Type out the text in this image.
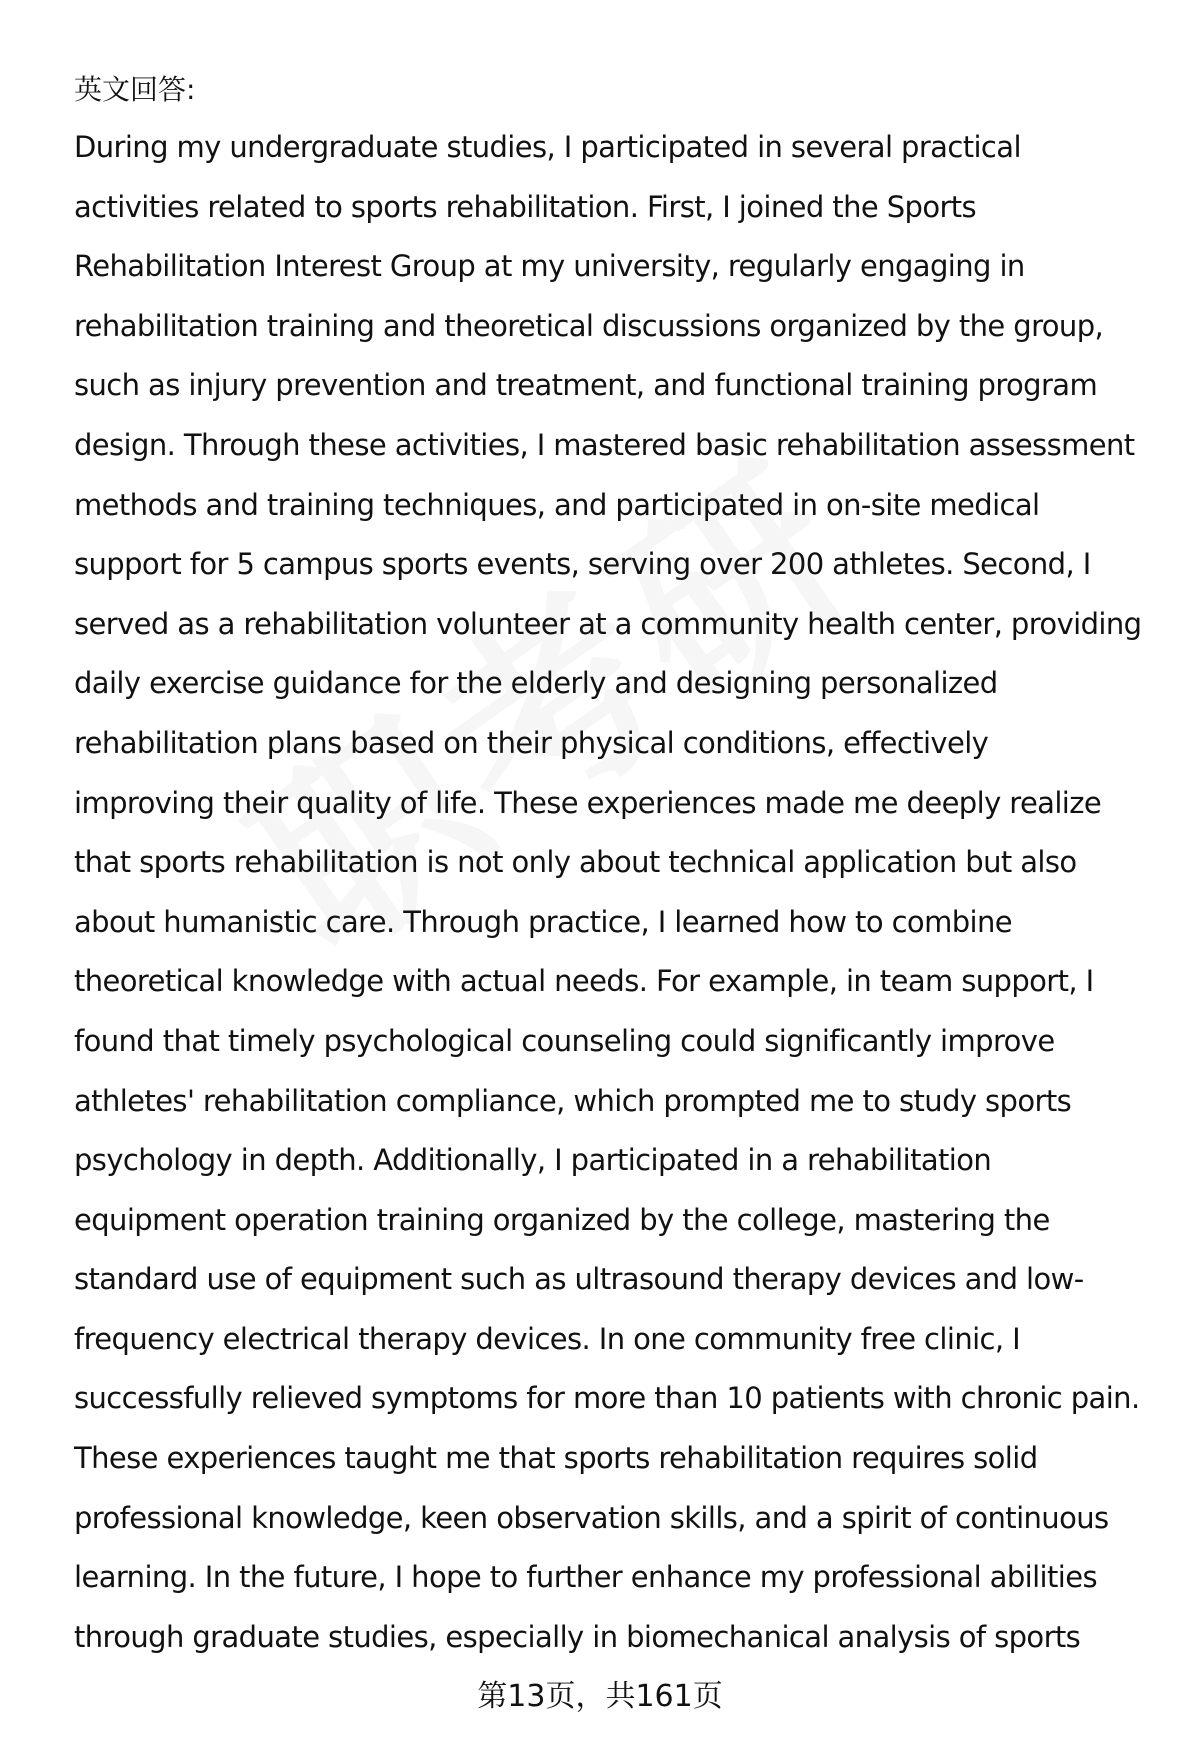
英文回答:
During my undergraduate studies, I participated in several practical
activities related to sports rehabilitation. First, I joined the Sports
Rehabilitation Interest Group at my university, regularly engaging in
rehabilitation training and theoretical discussions organized by the group,
such as injury prevention and treatment, and functional training program
design. Through these activities, I mastered basic rehabilitation assessment
methods and training techniques, and participated in on-site medical
support for 5 campus sports events, serving over 200 athletes. Second, I
served as a rehabilitation volunteer at a community health center, providing
daily exercise guidance for the elderly and designing personalized
rehabilitation plans based on their physical conditions, effectively
improving their quality of life. These experiences made me deeply realize
that sports rehabilitation is not only about technical application but also
about humanistic care. Through practice, I learned how to combine
theoretical knowledge with actual needs. For example, in team support, I
found that timely psychological counseling could significantly improve
athletes' rehabilitation compliance, which prompted me to study sports
psychology in depth. Additionally, I participated in a rehabilitation
equipment operation training organized by the college, mastering the
standard use of equipment such as ultrasound therapy devices and low-
frequency electrical therapy devices. In one community free clinic, I
successfully relieved symptoms for more than 10 patients with chronic pain.
These experiences taught me that sports rehabilitation requires solid
professional knowledge, keen observation skills, and a spirit of continuous
learning. In the future, I hope to further enhance my professional abilities
through graduate studies, especially in biomechanical analysis of sports
第13页，共161页
